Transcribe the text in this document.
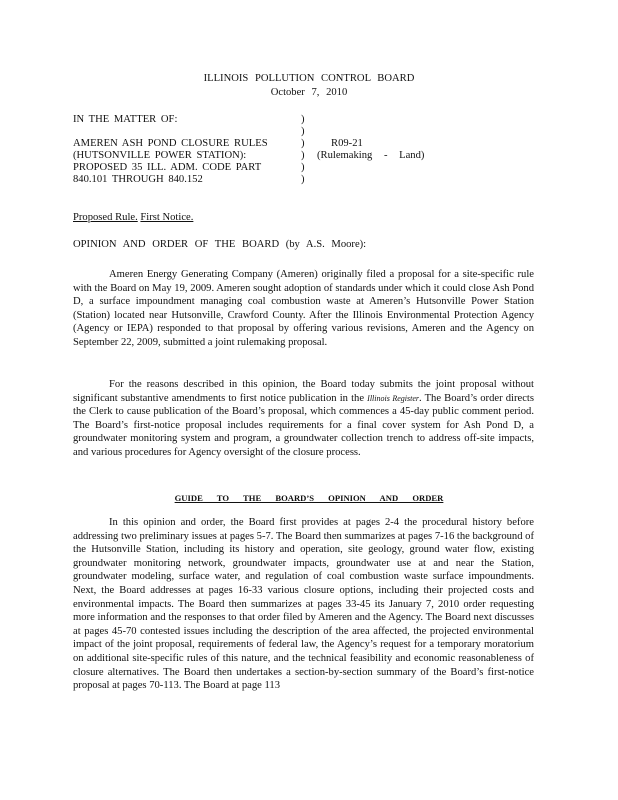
ILLINOIS POLLUTION CONTROL BOARD
October 7, 2010
IN THE MATTER OF:	)
)
AMEREN ASH POND CLOSURE RULES	) R09-21
(HUTSONVILLE POWER STATION):	) (Rulemaking - Land)
PROPOSED 35 ILL. ADM. CODE PART	)
840.101 THROUGH 840.152	)
Proposed Rule. First Notice.
OPINION AND ORDER OF THE BOARD (by A.S. Moore):
Ameren Energy Generating Company (Ameren) originally filed a proposal for a site-specific rule with the Board on May 19, 2009. Ameren sought adoption of standards under which it could close Ash Pond D, a surface impoundment managing coal combustion waste at Ameren’s Hutsonville Power Station (Station) located near Hutsonville, Crawford County. After the Illinois Environmental Protection Agency (Agency or IEPA) responded to that proposal by offering various revisions, Ameren and the Agency on September 22, 2009, submitted a joint rulemaking proposal.
For the reasons described in this opinion, the Board today submits the joint proposal without significant substantive amendments to first notice publication in the Illinois Register. The Board’s order directs the Clerk to cause publication of the Board’s proposal, which commences a 45-day public comment period. The Board’s first-notice proposal includes requirements for a final cover system for Ash Pond D, a groundwater monitoring system and program, a groundwater collection trench to address off-site impacts, and various procedures for Agency oversight of the closure process.
GUIDE TO THE BOARD’S OPINION AND ORDER
In this opinion and order, the Board first provides at pages 2-4 the procedural history before addressing two preliminary issues at pages 5-7. The Board then summarizes at pages 7-16 the background of the Hutsonville Station, including its history and operation, site geology, ground water flow, existing groundwater monitoring network, groundwater impacts, groundwater use at and near the Station, groundwater modeling, surface water, and regulation of coal combustion waste surface impoundments. Next, the Board addresses at pages 16-33 various closure options, including their projected costs and environmental impacts. The Board then summarizes at pages 33-45 its January 7, 2010 order requesting more information and the responses to that order filed by Ameren and the Agency. The Board next discusses at pages 45-70 contested issues including the description of the area affected, the projected environmental impact of the joint proposal, requirements of federal law, the Agency’s request for a temporary moratorium on additional site-specific rules of this nature, and the technical feasibility and economic reasonableness of closure alternatives. The Board then undertakes a section-by-section summary of the Board’s first-notice proposal at pages 70-113. The Board at page 113
